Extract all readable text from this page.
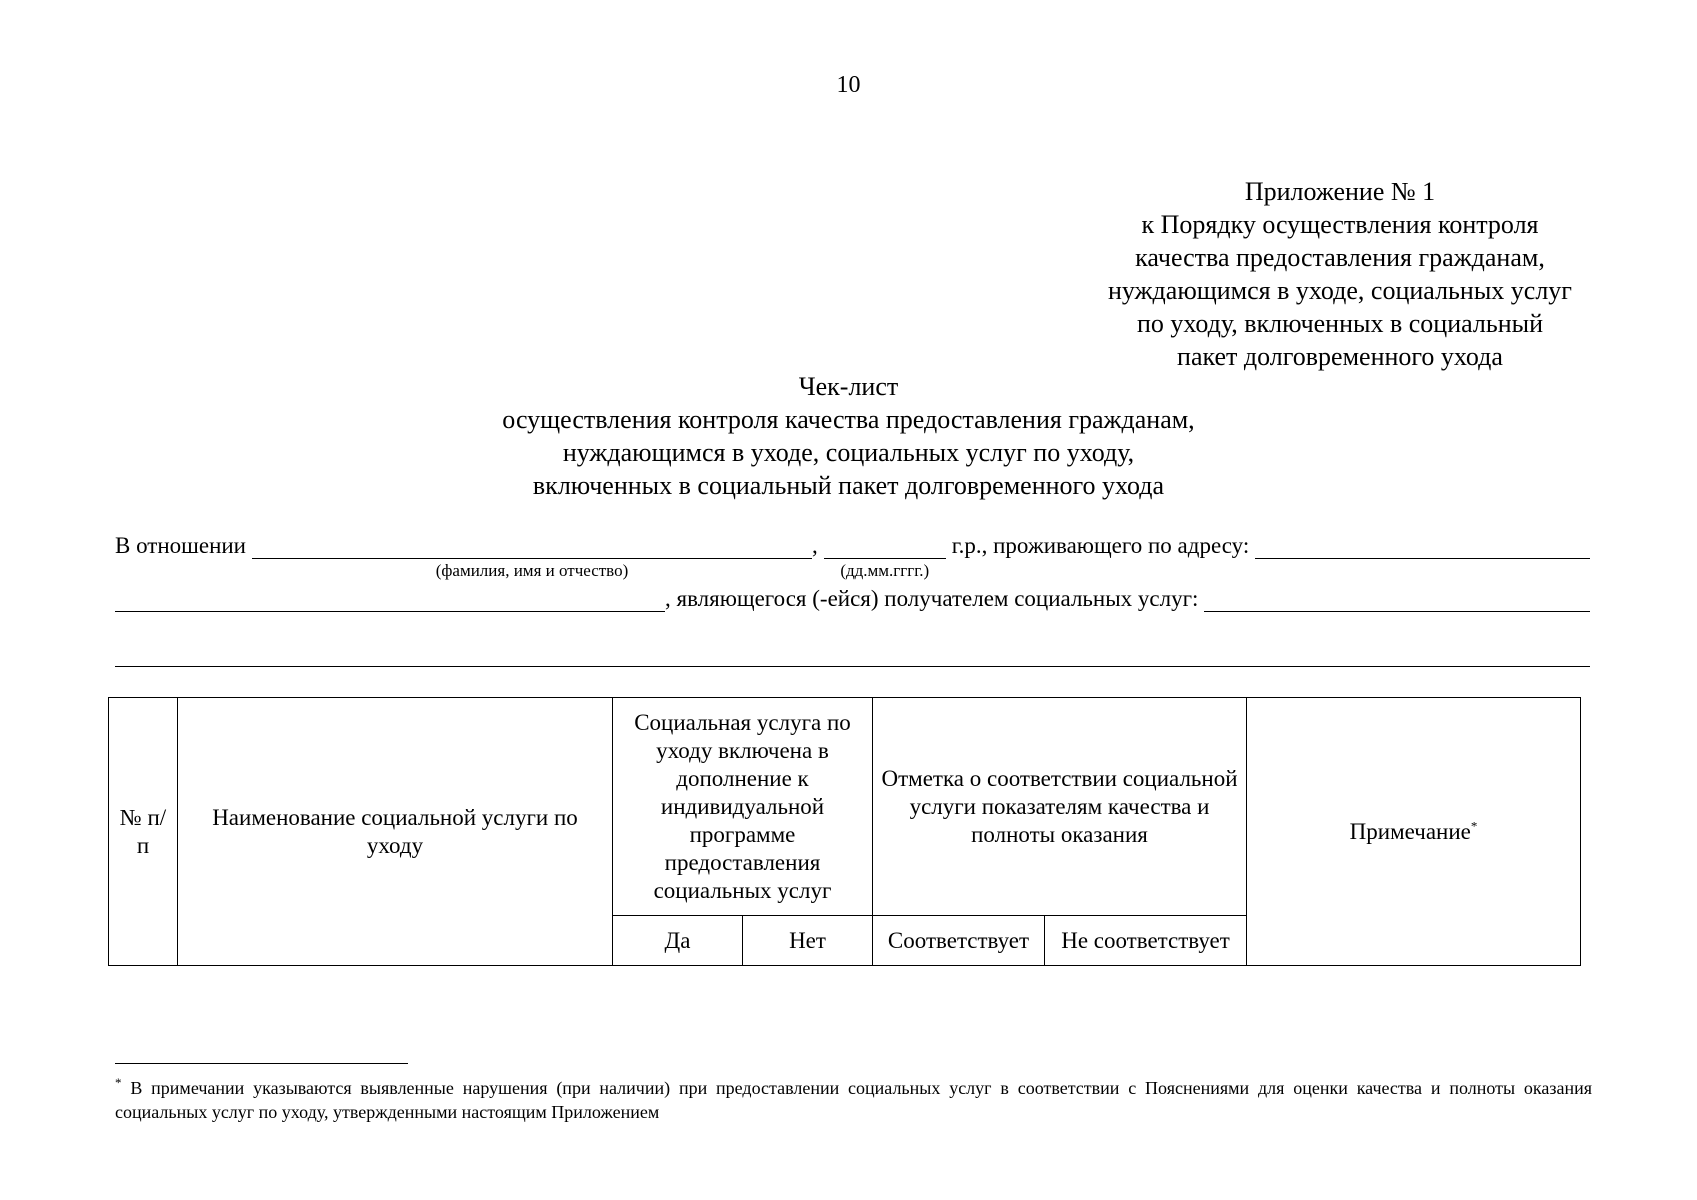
10
Приложение № 1
к Порядку осуществления контроля
качества предоставления гражданам,
нуждающимся в уходе, социальных услуг
по уходу, включенных в социальный
пакет долговременного ухода
Чек-лист
осуществления контроля качества предоставления гражданам,
нуждающимся в уходе, социальных услуг по уходу,
включенных в социальный пакет долговременного ухода
В отношении
(фамилия, имя и отчество)
,
(дд.мм.гггг.)
г.р., проживающего по адресу:
, являющегося (-ейся) получателем социальных услуг:
№ п/п	Наименование социальной услуги по уходу	Социальная услуга по уходу включена в дополнение к индивидуальной программе предоставления социальных услуг		Отметка о соответствии социальной услуги показателям качества и полноты оказания		Примечание*
		Да	Нет	Соответствует	Не соответствует	
* В примечании указываются выявленные нарушения (при наличии) при предоставлении социальных услуг в соответствии с Пояснениями для оценки качества и полноты оказания социальных услуг по уходу, утвержденными настоящим Приложением
